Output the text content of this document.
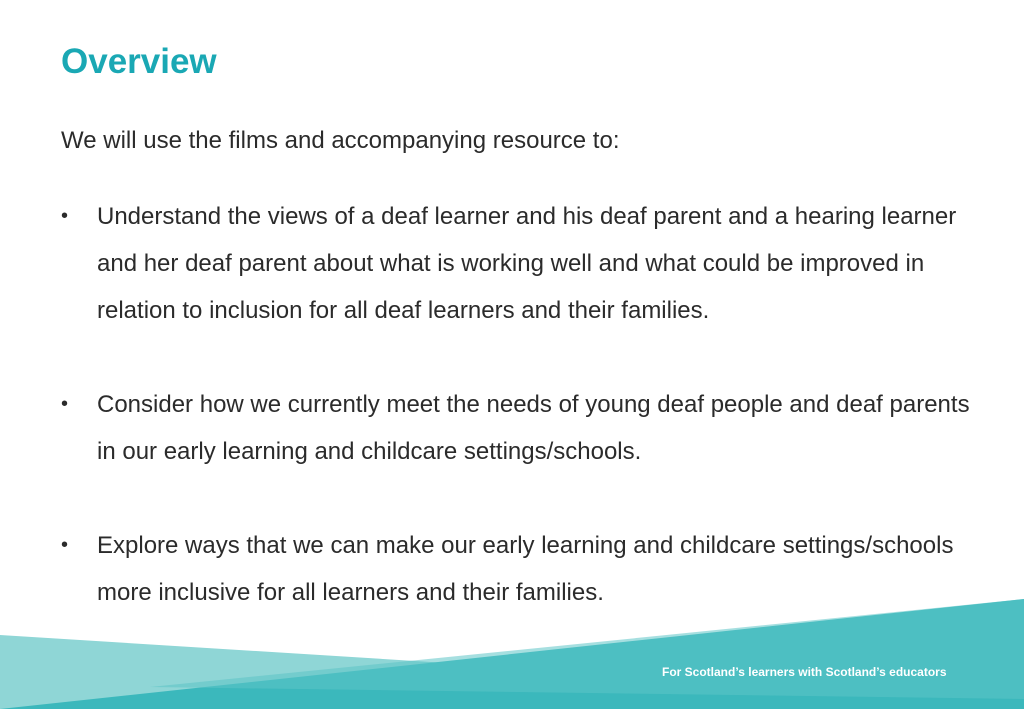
Overview

We will use the films and accompanying resource to:

•	Understand the views of a deaf learner and his deaf parent and a hearing learner and her deaf parent about what is working well and what could be improved in relation to inclusion for all deaf learners and their families.
•	Consider how we currently meet the needs of young deaf people and deaf parents in our early learning and childcare settings/schools.
•	Explore ways that we can make our early learning and childcare settings/schools more inclusive for all learners and their families.

For Scotland’s learners with Scotland’s educators
